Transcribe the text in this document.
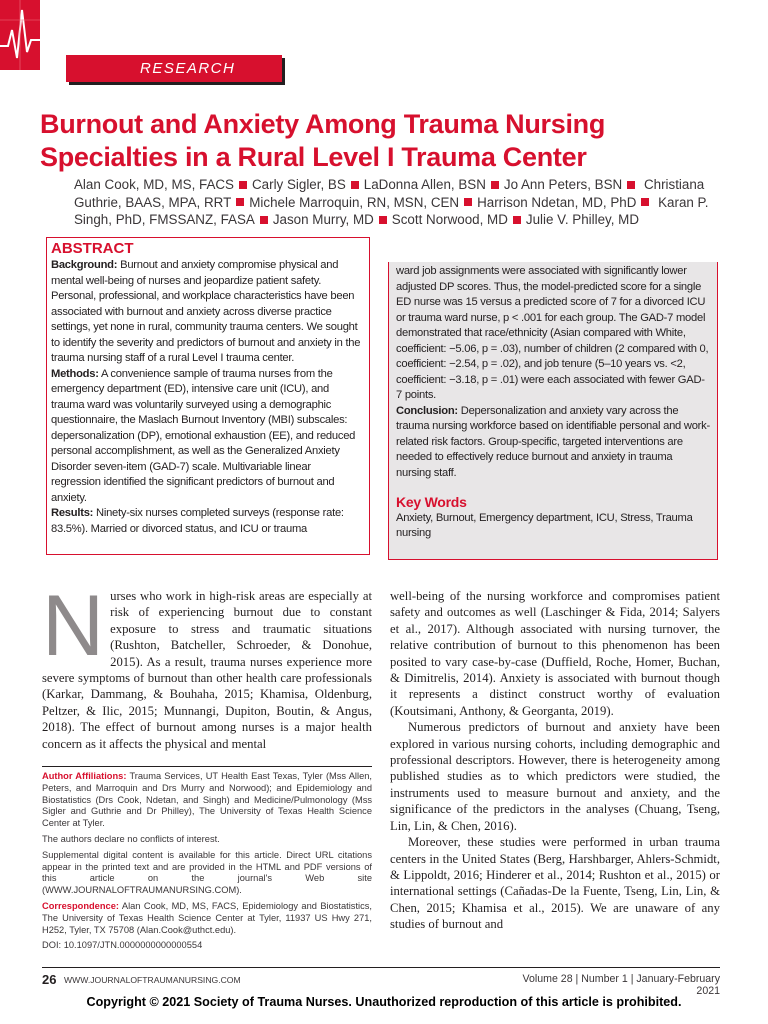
RESEARCH
Burnout and Anxiety Among Trauma Nursing Specialties in a Rural Level I Trauma Center

Alan Cook, MD, MS, FACS Carly Sigler, BS LaDonna Allen, BSN Jo Ann Peters, BSN Christiana Guthrie, BAAS, MPA, RRT Michele Marroquin, RN, MSN, CEN Harrison Ndetan, MD, PhD Karan P. Singh, PhD, FMSSANZ, FASA Jason Murry, MD Scott Norwood, MD Julie V. Philley, MD

ABSTRACT

Background: Burnout and anxiety compromise physical and mental well-being of nurses and jeopardize patient safety. Personal, professional, and workplace characteristics have been associated with burnout and anxiety across diverse practice settings, yet none in rural, community trauma centers. We sought to identify the severity and predictors of burnout and anxiety in the trauma nursing staff of a rural Level I trauma center.

Methods: A convenience sample of trauma nurses from the emergency department (ED), intensive care unit (ICU), and trauma ward was voluntarily surveyed using a demographic questionnaire, the Maslach Burnout Inventory (MBI) subscales: depersonalization (DP), emotional exhaustion (EE), and reduced personal accomplishment, as well as the Generalized Anxiety Disorder seven-item (GAD-7) scale. Multivariable linear regression identified the significant predictors of burnout and anxiety.

Results: Ninety-six nurses completed surveys (response rate: 83.5%). Married or divorced status, and ICU or trauma

ward job assignments were associated with significantly lower adjusted DP scores. Thus, the model-predicted score for a single ED nurse was 15 versus a predicted score of 7 for a divorced ICU or trauma ward nurse, p < .001 for each group. The GAD-7 model demonstrated that race/ethnicity (Asian compared with White, coefficient: −5.06, p = .03), number of children (2 compared with 0, coefficient: −2.54, p = .02), and job tenure (5–10 years vs. <2, coefficient: −3.18, p = .01) were each associated with fewer GAD-7 points.

Conclusion: Depersonalization and anxiety vary across the trauma nursing workforce based on identifiable personal and work-related risk factors. Group-specific, targeted interventions are needed to effectively reduce burnout and anxiety in trauma nursing staff.

Key Words

Anxiety, Burnout, Emergency department, ICU, Stress, Trauma nursing

Nurses who work in high-risk areas are especially at risk of experiencing burnout due to constant exposure to stress and traumatic situations (Rushton, Batcheller, Schroeder, & Donohue, 2015). As a result, trauma nurses experience more severe symptoms of burnout than other health care professionals (Karkar, Dammang, & Bouhaha, 2015; Khamisa, Oldenburg, Peltzer, & Ilic, 2015; Munnangi, Dupiton, Boutin, & Angus, 2018). The effect of burnout among nurses is a major health concern as it affects the physical and mental

Author Affiliations: Trauma Services, UT Health East Texas, Tyler (Mss Allen, Peters, and Marroquin and Drs Murry and Norwood); and Epidemiology and Biostatistics (Drs Cook, Ndetan, and Singh) and Medicine/Pulmonology (Mss Sigler and Guthrie and Dr Philley), The University of Texas Health Science Center at Tyler.

The authors declare no conflicts of interest.

Supplemental digital content is available for this article. Direct URL citations appear in the printed text and are provided in the HTML and PDF versions of this article on the journal's Web site (WWW.JOURNALOFTRAUMANURSING.COM).

Correspondence: Alan Cook, MD, MS, FACS, Epidemiology and Biostatistics, The University of Texas Health Science Center at Tyler, 11937 US Hwy 271, H252, Tyler, TX 75708 (Alan.Cook@uthct.edu).

DOI: 10.1097/JTN.0000000000000554

well-being of the nursing workforce and compromises patient safety and outcomes as well (Laschinger & Fida, 2014; Salyers et al., 2017). Although associated with nursing turnover, the relative contribution of burnout to this phenomenon has been posited to vary case-by-case (Duffield, Roche, Homer, Buchan, & Dimitrelis, 2014). Anxiety is associated with burnout though it represents a distinct construct worthy of evaluation (Koutsimani, Anthony, & Georganta, 2019).

Numerous predictors of burnout and anxiety have been explored in various nursing cohorts, including demographic and professional descriptors. However, there is heterogeneity among published studies as to which predictors were studied, the instruments used to measure burnout and anxiety, and the significance of the predictors in the analyses (Chuang, Tseng, Lin, Lin, & Chen, 2016).

Moreover, these studies were performed in urban trauma centers in the United States (Berg, Harshbarger, Ahlers-Schmidt, & Lippoldt, 2016; Hinderer et al., 2014; Rushton et al., 2015) or international settings (Cañadas-De la Fuente, Tseng, Lin, Lin, & Chen, 2015; Khamisa et al., 2015). We are unaware of any studies of burnout and

26 WWW.JOURNALOFTRAUMANURSING.COM	Volume 28 | Number 1 | January-February 2021
Copyright © 2021 Society of Trauma Nurses. Unauthorized reproduction of this article is prohibited.
